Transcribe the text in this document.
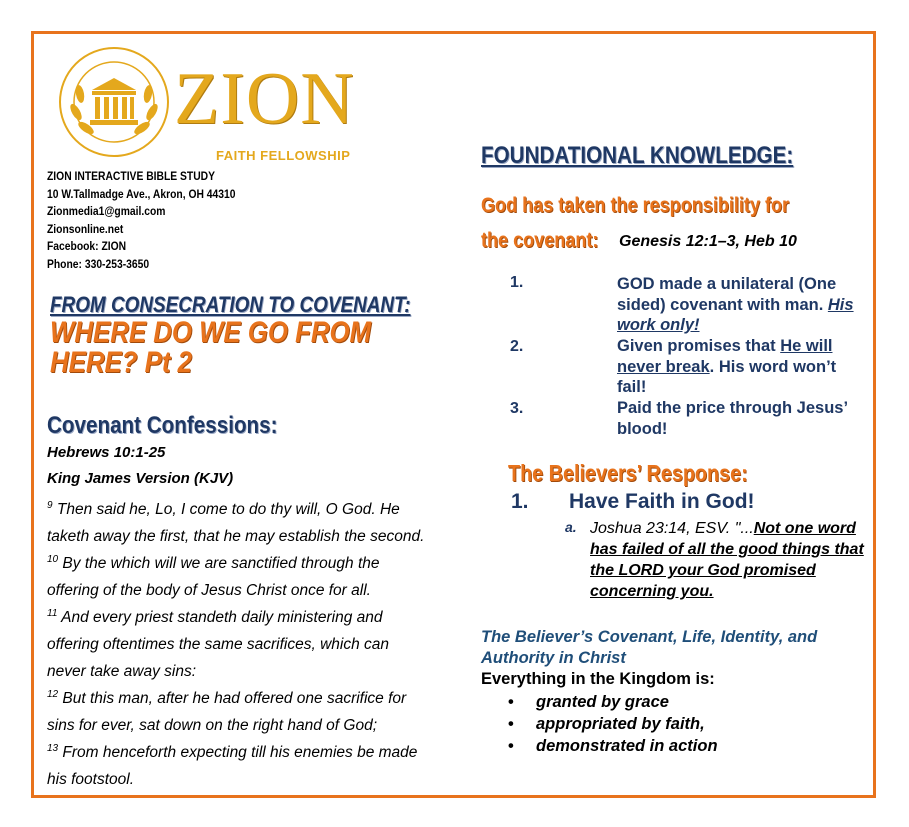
ZION
FAITH FELLOWSHIP
ZION INTERACTIVE BIBLE STUDY
10 W.Tallmadge Ave., Akron, OH 44310
Zionmedia1@gmail.com
Zionsonline.net
Facebook: ZION
Phone: 330-253-3650
FROM CONSECRATION TO COVENANT:
WHERE DO WE GO FROM HERE? Pt 2
Covenant Confessions:
Hebrews 10:1-25
King James Version (KJV)
$^9$ Then said he, Lo, I come to do thy will, O God. He taketh away the first, that he may establish the second.
$^{10}$ By the which will we are sanctified through the offering of the body of Jesus Christ once for all.
$^{11}$ And every priest standeth daily ministering and offering oftentimes the same sacrifices, which can never take away sins:
$^{12}$ But this man, after he had offered one sacrifice for sins for ever, sat down on the right hand of God;
$^{13}$ From henceforth expecting till his enemies be made his footstool.
FOUNDATIONAL KNOWLEDGE:
God has taken the responsibility for
the covenant: Genesis 12:1–3, Heb 10
1.	GOD made a unilateral (One sided) covenant with man. His work only!
2.	Given promises that He will never break. His word won’t fail!
3.	Paid the price through Jesus’ blood!
The Believers’ Response:
1. Have Faith in God!
a. Joshua 23:14, ESV. "...Not one word has failed of all the good things that the LORD your God promised concerning you.
The Believer’s Covenant, Life, Identity, and Authority in Christ
Everything in the Kingdom is:
• granted by grace
• appropriated by faith,
• demonstrated in action
